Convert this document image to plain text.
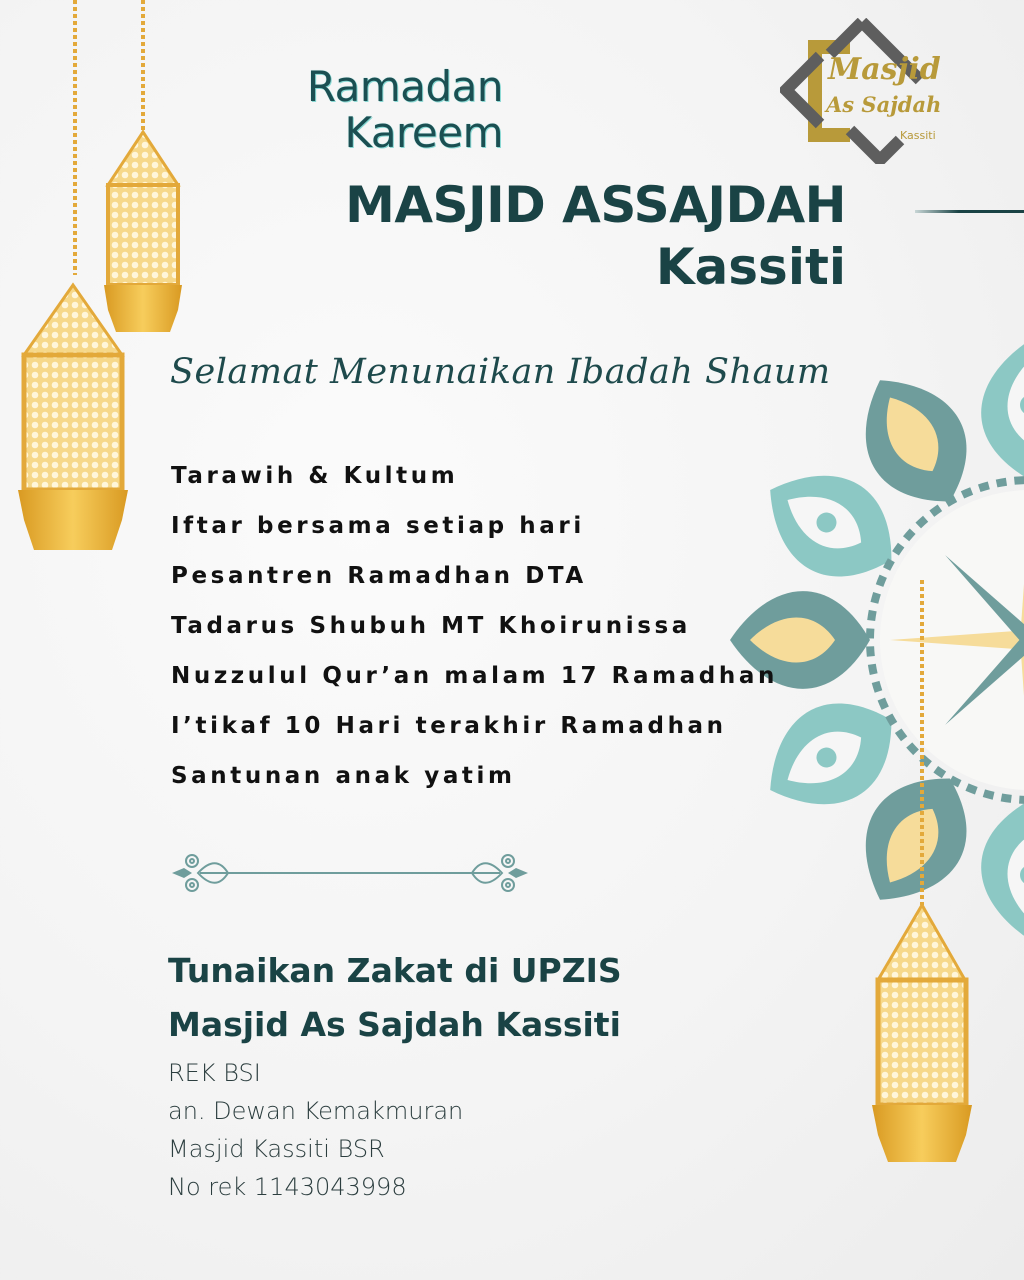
Masjid
As Sajdah
Kassiti
Ramadan
Kareem
MASJID ASSAJDAH
Kassiti
Selamat Menunaikan Ibadah Shaum
Tarawih & Kultum
Iftar bersama setiap hari
Pesantren Ramadhan DTA
Tadarus Shubuh MT Khoirunissa
Nuzzulul Qur’an malam 17 Ramadhan
I’tikaf 10 Hari terakhir Ramadhan
Santunan anak yatim
Tunaikan Zakat di UPZIS
Masjid As Sajdah Kassiti
REK BSI
an. Dewan Kemakmuran
Masjid Kassiti BSR
No rek 1143043998
